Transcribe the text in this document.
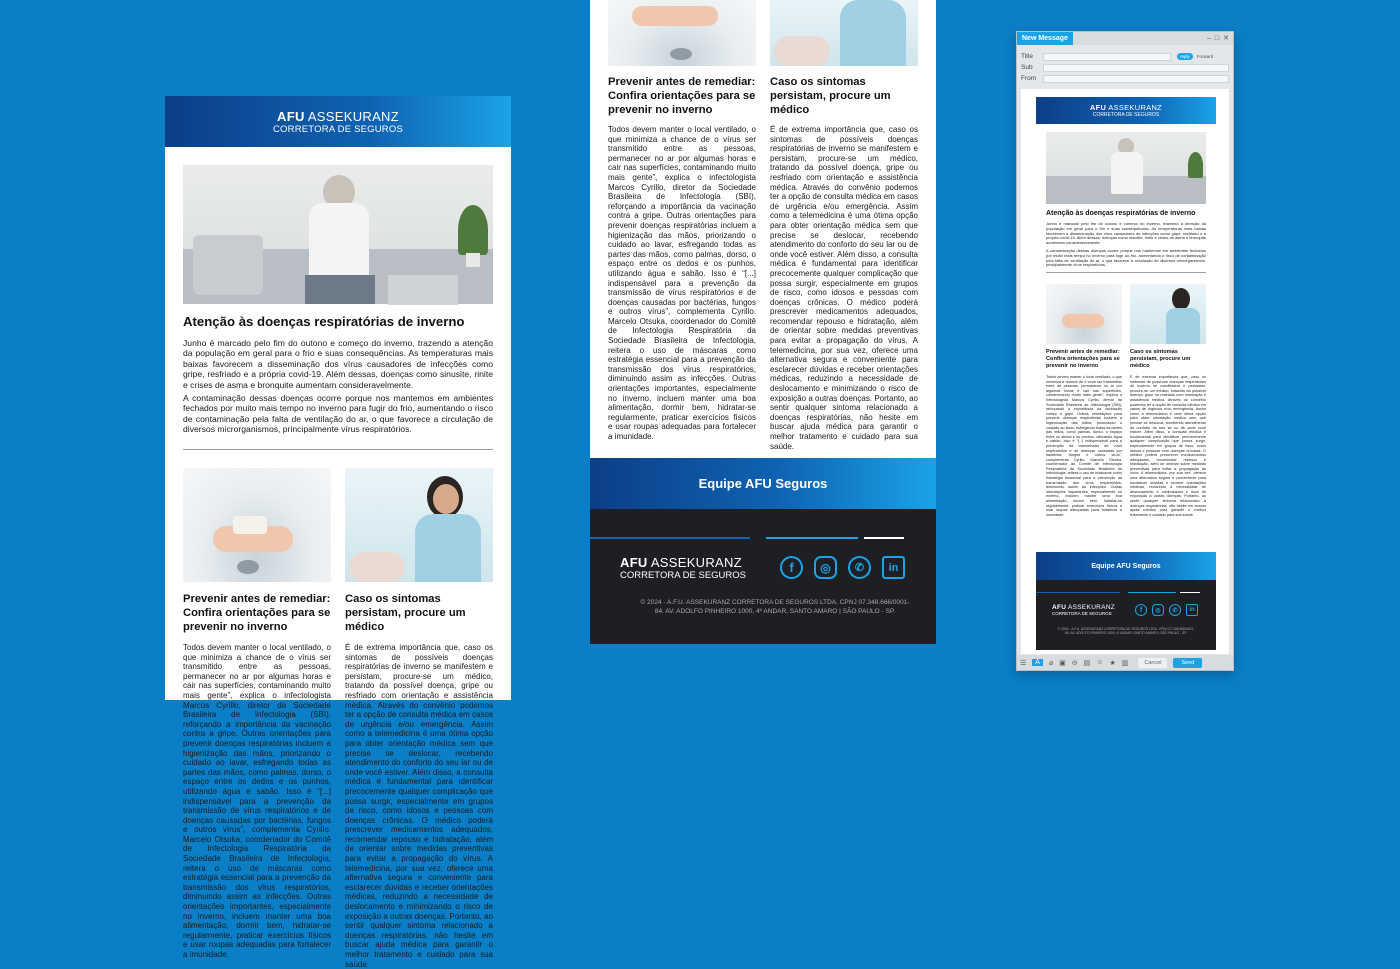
AFU ASSEKURANZ
CORRETORA DE SEGUROS
Atenção às doenças respiratórias de inverno
Junho é marcado pelo fim do outono e começo do inverno, trazendo a atenção da população em geral para o frio e suas consequências. As temperaturas mais baixas favorecem a disseminação dos vírus causadores de infecções como gripe, resfriado e a própria covid-19. Além dessas, doenças como sinusite, rinite e crises de asma e bronquite aumentam consideravelmente.
A contaminação dessas doenças ocorre porque nos mantemos em ambientes fechados por muito mais tempo no inverno para fugir do frio, aumentando o risco de contaminação pela falta de ventilação do ar, o que favorece a circulação de diversos microrganismos, principalmente vírus respiratórios.
Prevenir antes de remediar: Confira orientações para se prevenir no inverno
Caso os sintomas persistam, procure um médico
Todos devem manter o local ventilado, o que minimiza a chance de o vírus ser transmitido entre as pessoas, permanecer no ar por algumas horas e cair nas superfícies, contaminando muito mais gente”, explica o infectologista Marcos Cyrillo, diretor da Sociedade Brasileira de Infectologia (SBI), reforçando a importância da vacinação contra a gripe. Outras orientações para prevenir doenças respiratórias incluem a higienização das mãos, priorizando o cuidado ao lavar, esfregando todas as partes das mãos, como palmas, dorso, o espaço entre os dedos e os punhos, utilizando água e sabão. Isso é “[...] indispensável para a prevenção da transmissão de vírus respiratórios e de doenças causadas por bactérias, fungos e outros vírus”, complementa Cyrillo. Marcelo Otsuka, coordenador do Comitê de Infectologia Respiratória da Sociedade Brasileira de Infectologia, reitera o uso de máscaras como estratégia essencial para a prevenção da transmissão dos vírus respiratórios, diminuindo assim as infecções. Outras orientações importantes, especialmente no inverno, incluem manter uma boa alimentação, dormir bem, hidratar-se regularmente, praticar exercícios físicos e usar roupas adequadas para fortalecer a imunidade.
É de extrema importância que, caso os sintomas de possíveis doenças respiratórias de inverno se manifestem e persistam, procure-se um médico, tratando da possível doença, gripe ou resfriado com orientação e assistência médica. Através do convênio podemos ter a opção de consulta médica em casos de urgência e/ou emergência. Assim como a telemedicina é uma ótima opção para obter orientação médica sem que precise se deslocar, recebendo atendimento do conforto do seu lar ou de onde você estiver. Além disso, a consulta médica é fundamental para identificar precocemente qualquer complicação que possa surgir, especialmente em grupos de risco, como idosos e pessoas com doenças crônicas. O médico poderá prescrever medicamentos adequados, recomendar repouso e hidratação, além de orientar sobre medidas preventivas para evitar a propagação do vírus. A telemedicina, por sua vez, oferece uma alternativa segura e conveniente para esclarecer dúvidas e receber orientações médicas, reduzindo a necessidade de deslocamento e minimizando o risco de exposição a outras doenças. Portanto, ao sentir qualquer sintoma relacionado a doenças respiratórias, não hesite em buscar ajuda médica para garantir o melhor tratamento e cuidado para sua saúde.
Prevenir antes de remediar: Confira orientações para se prevenir no inverno
Caso os sintomas persistam, procure um médico
Todos devem manter o local ventilado, o que minimiza a chance de o vírus ser transmitido entre as pessoas, permanecer no ar por algumas horas e cair nas superfícies, contaminando muito mais gente”, explica o infectologista Marcos Cyrillo, diretor da Sociedade Brasileira de Infectologia (SBI), reforçando a importância da vacinação contra a gripe. Outras orientações para prevenir doenças respiratórias incluem a higienização das mãos, priorizando o cuidado ao lavar, esfregando todas as partes das mãos, como palmas, dorso, o espaço entre os dedos e os punhos, utilizando água e sabão. Isso é “[...] indispensável para a prevenção da transmissão de vírus respiratórios e de doenças causadas por bactérias, fungos e outros vírus”, complementa Cyrillo. Marcelo Otsuka, coordenador do Comitê de Infectologia Respiratória da Sociedade Brasileira de Infectologia, reitera o uso de máscaras como estratégia essencial para a prevenção da transmissão dos vírus respiratórios, diminuindo assim as infecções. Outras orientações importantes, especialmente no inverno, incluem manter uma boa alimentação, dormir bem, hidratar-se regularmente, praticar exercícios físicos e usar roupas adequadas para fortalecer a imunidade.
É de extrema importância que, caso os sintomas de possíveis doenças respiratórias de inverno se manifestem e persistam, procure-se um médico, tratando da possível doença, gripe ou resfriado com orientação e assistência médica. Através do convênio podemos ter a opção de consulta médica em casos de urgência e/ou emergência. Assim como a telemedicina é uma ótima opção para obter orientação médica sem que precise se deslocar, recebendo atendimento do conforto do seu lar ou de onde você estiver. Além disso, a consulta médica é fundamental para identificar precocemente qualquer complicação que possa surgir, especialmente em grupos de risco, como idosos e pessoas com doenças crônicas. O médico poderá prescrever medicamentos adequados, recomendar repouso e hidratação, além de orientar sobre medidas preventivas para evitar a propagação do vírus. A telemedicina, por sua vez, oferece uma alternativa segura e conveniente para esclarecer dúvidas e receber orientações médicas, reduzindo a necessidade de deslocamento e minimizando o risco de exposição a outras doenças. Portanto, ao sentir qualquer sintoma relacionado a doenças respiratórias, não hesite em buscar ajuda médica para garantir o melhor tratamento e cuidado para sua saúde.
Equipe AFU Seguros
AFU ASSEKURANZ
CORRETORA DE SEGUROS
f	◎	✆	in
© 2024 - A.F.U. ASSEKURANZ CORRETORA DE SEGUROS LTDA. CPNJ 07.348.666/0001-84. AV. ADOLFO PINHEIRO 1000, 4º ANDAR, SANTO AMARO | SÃO PAULO - SP.
New Message	– □ ✕
Title	reply	Forward
Sub
From
AFU ASSEKURANZ
CORRETORA DE SEGUROS
Atenção às doenças respiratórias de inverno
Junho é marcado pelo fim do outono e começo do inverno, trazendo a atenção da população em geral para o frio e suas consequências. As temperaturas mais baixas favorecem a disseminação dos vírus causadores de infecções como gripe, resfriado e a própria covid-19. Além dessas, doenças como sinusite, rinite e crises de asma e bronquite aumentam consideravelmente.
A contaminação dessas doenças ocorre porque nos mantemos em ambientes fechados por muito mais tempo no inverno para fugir do frio, aumentando o risco de contaminação pela falta de ventilação do ar, o que favorece a circulação de diversos microrganismos, principalmente vírus respiratórios.
Prevenir antes de remediar: Confira orientações para se prevenir no inverno
Caso os sintomas persistam, procure um médico
Todos devem manter o local ventilado, o que minimiza a chance de o vírus ser transmitido entre as pessoas, permanecer no ar por algumas horas e cair nas superfícies, contaminando muito mais gente”, explica o infectologista Marcos Cyrillo, diretor da Sociedade Brasileira de Infectologia (SBI), reforçando a importância da vacinação contra a gripe. Outras orientações para prevenir doenças respiratórias incluem a higienização das mãos, priorizando o cuidado ao lavar, esfregando todas as partes das mãos, como palmas, dorso, o espaço entre os dedos e os punhos, utilizando água e sabão. Isso é “[...] indispensável para a prevenção da transmissão de vírus respiratórios e de doenças causadas por bactérias, fungos e outros vírus”, complementa Cyrillo. Marcelo Otsuka, coordenador do Comitê de Infectologia Respiratória da Sociedade Brasileira de Infectologia, reitera o uso de máscaras como estratégia essencial para a prevenção da transmissão dos vírus respiratórios, diminuindo assim as infecções. Outras orientações importantes, especialmente no inverno, incluem manter uma boa alimentação, dormir bem, hidratar-se regularmente, praticar exercícios físicos e usar roupas adequadas para fortalecer a imunidade.
É de extrema importância que, caso os sintomas de possíveis doenças respiratórias de inverno se manifestem e persistam, procure-se um médico, tratando da possível doença, gripe ou resfriado com orientação e assistência médica. Através do convênio podemos ter a opção de consulta médica em casos de urgência e/ou emergência. Assim como a telemedicina é uma ótima opção para obter orientação médica sem que precise se deslocar, recebendo atendimento do conforto do seu lar ou de onde você estiver. Além disso, a consulta médica é fundamental para identificar precocemente qualquer complicação que possa surgir, especialmente em grupos de risco, como idosos e pessoas com doenças crônicas. O médico poderá prescrever medicamentos adequados, recomendar repouso e hidratação, além de orientar sobre medidas preventivas para evitar a propagação do vírus. A telemedicina, por sua vez, oferece uma alternativa segura e conveniente para esclarecer dúvidas e receber orientações médicas, reduzindo a necessidade de deslocamento e minimizando o risco de exposição a outras doenças. Portanto, ao sentir qualquer sintoma relacionado a doenças respiratórias, não hesite em buscar ajuda médica para garantir o melhor tratamento e cuidado para sua saúde.
Equipe AFU Seguros
AFU ASSEKURANZ
CORRETORA DE SEGUROS	f	◎	✆	in
© 2024 - A.F.U. ASSEKURANZ CORRETORA DE SEGUROS LTDA. CPNJ 07.348.666/0001-84. AV. ADOLFO PINHEIRO 1000, 4º ANDAR, SANTO AMARO | SÃO PAULO - SP.
☰	A	⌀ ▣ ⊖ ▤ ☺ ★ ▥	Cancel	Send
